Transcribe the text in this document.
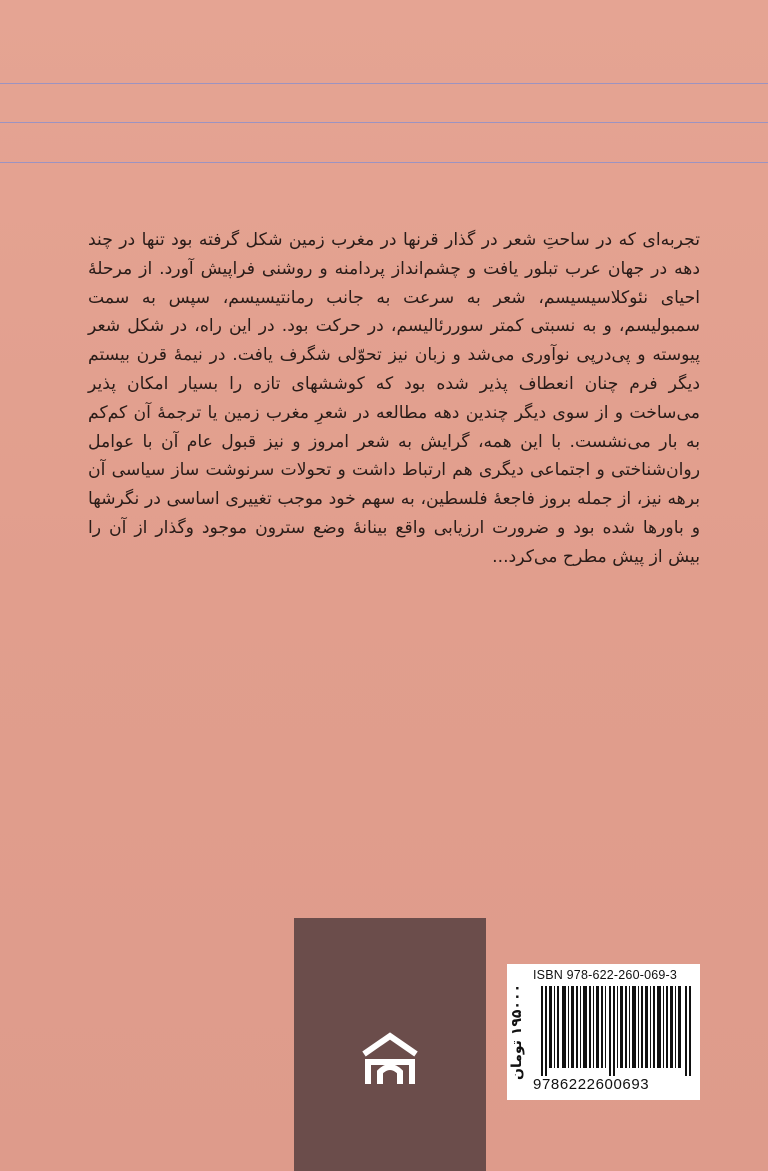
تجربه‌ای که در ساحتِ شعر در گذار قرنها در مغرب زمین شکل گرفته بود تنها در چند دهه در جهان عرب تبلور یافت و چشم‌انداز پردامنه و روشنی فراپیش آورد. از مرحلهٔ احیای نئوکلاسیسیسم، شعر به سرعت به جانب رمانتیسیسم، سپس به سمت سمبولیسم، و به نسبتی کمتر سوررئالیسم، در حرکت بود. در این راه، در شکل شعر پیوسته و پی‌در‌پی نوآوری می‌شد و زبان نیز تحوّلی شگرف یافت. در نیمهٔ قرن بیستم دیگر فرم چنان انعطاف پذیر شده بود که کوششهای تازه را بسیار امکان پذیر می‌ساخت و از سوی دیگر چندین دهه مطالعه در شعرِ مغرب زمین یا ترجمهٔ آن کم‌کم به بار می‌نشست. با این همه، گرایش به شعر امروز و نیز قبول عام آن با عوامل روان‌شناختی و اجتماعی دیگری هم ارتباط داشت و تحولات سرنوشت ساز سیاسی آن برهه نیز، از جمله بروز فاجعهٔ فلسطین، به سهم خود موجب تغییری اساسی در نگرشها و باورها شده بود و ضرورت ارزیابی واقع بینانهٔ وضع سترون موجود وگذار از آن را بیش از پیش مطرح می‌کرد...

۱۹۵۰۰۰ تومان
ISBN 978-622-260-069-3
9786222600693
